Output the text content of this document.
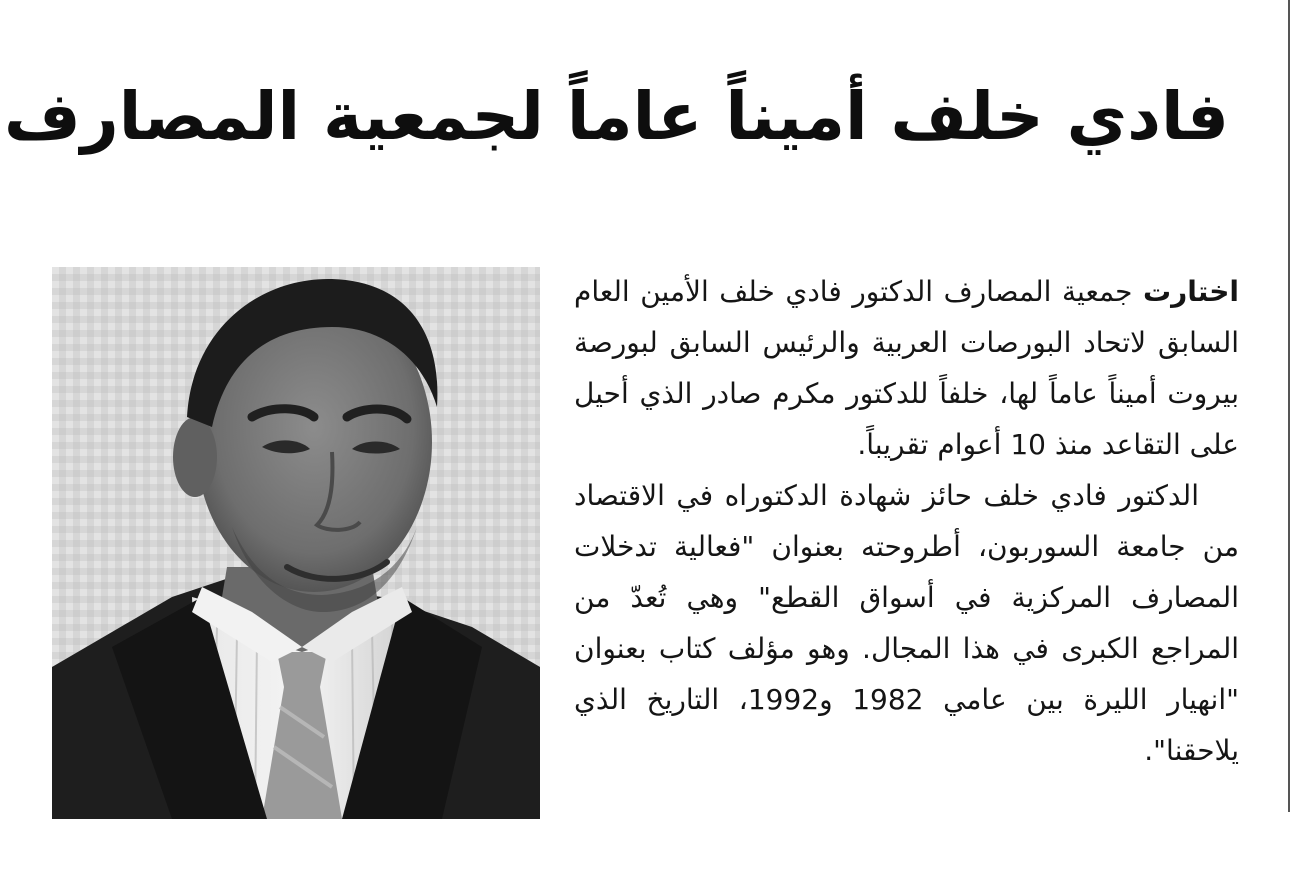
فادي خلف أميناً عاماً لجمعية المصارف

اختارت جمعية المصارف الدكتور فادي خلف الأمين العام السابق لاتحاد البورصات العربية والرئيس السابق لبورصة بيروت أميناً عاماً لها، خلفاً للدكتور مكرم صادر الذي أحيل على التقاعد منذ 10 أعوام تقريباً.

الدكتور فادي خلف حائز شهادة الدكتوراه في الاقتصاد من جامعة السوربون، أطروحته بعنوان "فعالية تدخلات المصارف المركزية في أسواق القطع" وهي تُعدّ من المراجع الكبرى في هذا المجال. وهو مؤلف كتاب بعنوان "انهيار الليرة بين عامي 1982 و1992، التاريخ الذي يلاحقنا".
